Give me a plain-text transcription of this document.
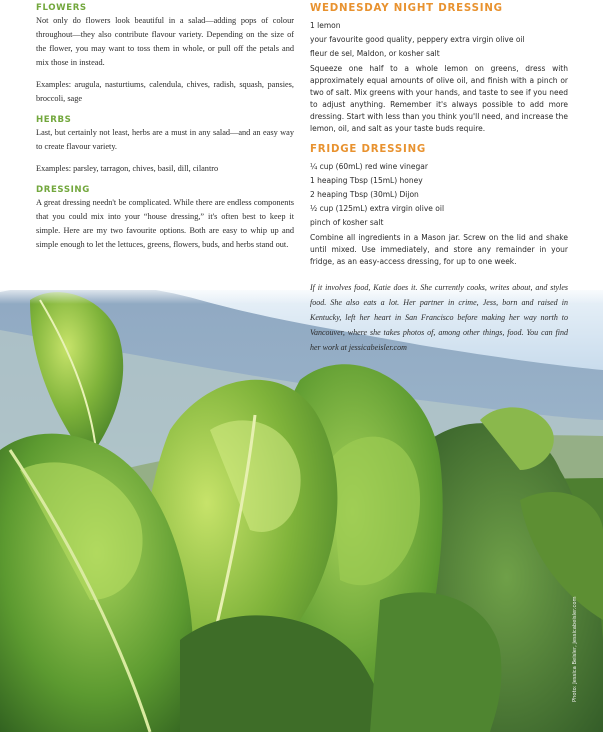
FLOWERS

Not only do flowers look beautiful in a salad—adding pops of colour throughout—they also contribute flavour variety. Depending on the size of the flower, you may want to toss them in whole, or pull off the petals and mix those in instead.

Examples: arugula, nasturtiums, calendula, chives, radish, squash, pansies, broccoli, sage

HERBS

Last, but certainly not least, herbs are a must in any salad—and an easy way to create flavour variety.

Examples: parsley, tarragon, chives, basil, dill, cilantro

DRESSING

A great dressing needn't be complicated. While there are endless components that you could mix into your “house dressing,” it's often best to keep it simple. Here are my two favourite options. Both are easy to whip up and simple enough to let the lettuces, greens, flowers, buds, and herbs stand out.

WEDNESDAY NIGHT DRESSING

1 lemon

your favourite good quality, peppery extra virgin olive oil

fleur de sel, Maldon, or kosher salt

Squeeze one half to a whole lemon on greens, dress with approximately equal amounts of olive oil, and finish with a pinch or two of salt. Mix greens with your hands, and taste to see if you need to adjust anything. Remember it's always possible to add more dressing. Start with less than you think you'll need, and increase the lemon, oil, and salt as your taste buds require.

FRIDGE DRESSING

¼ cup (60mL) red wine vinegar

1 heaping Tbsp (15mL) honey

2 heaping Tbsp (30mL) Dijon

½ cup (125mL) extra virgin olive oil

pinch of kosher salt

Combine all ingredients in a Mason jar. Screw on the lid and shake until mixed. Use immediately, and store any remainder in your fridge, as an easy-access dressing, for up to one week.

If it involves food, Katie does it. She currently cooks, writes about, and styles food. She also eats a lot. Her partner in crime, Jess, born and raised in Kentucky, left her heart in San Francisco before making her way north to Vancouver, where she takes photos of, among other things, food. You can find her work at jessicabeisler.com

Photo: Jessica Beisler, jessicabeisler.com
